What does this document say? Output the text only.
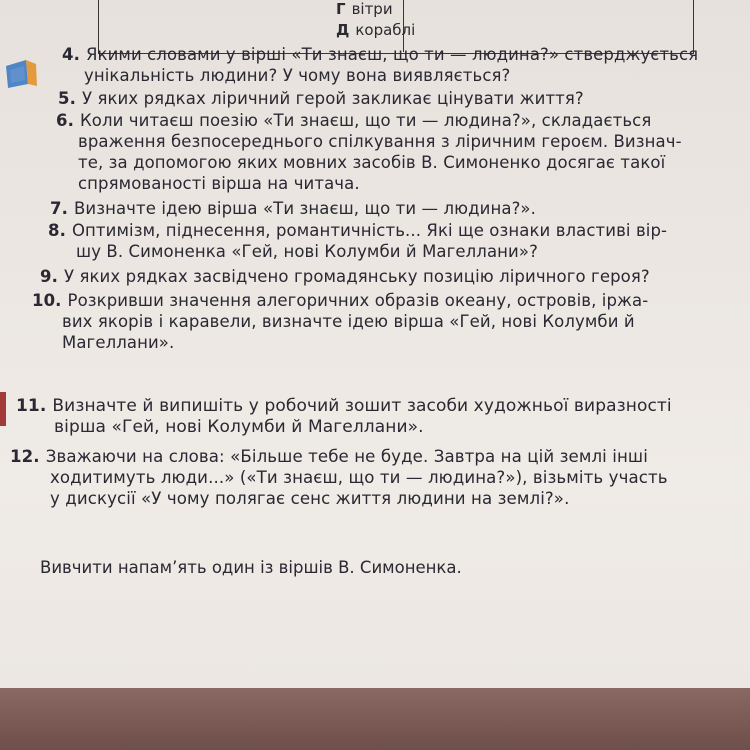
Г вітри
Д кораблі
4. Якими словами у вірші «Ти знаєш, що ти — людина?» стверджується
унікальність людини? У чому вона виявляється?
5. У яких рядках ліричний герой закликає цінувати життя?
6. Коли читаєш поезію «Ти знаєш, що ти — людина?», складається
враження безпосереднього спілкування з ліричним героєм. Визнач-
те, за допомогою яких мовних засобів В. Симоненко досягає такої
спрямованості вірша на читача.
7. Визначте ідею вірша «Ти знаєш, що ти — людина?».
8. Оптимізм, піднесення, романтичність... Які ще ознаки властиві вір-
шу В. Симоненка «Гей, нові Колумби й Магеллани»?
9. У яких рядках засвідчено громадянську позицію ліричного героя?
10. Розкривши значення алегоричних образів океану, островів, іржа-
вих якорів і каравели, визначте ідею вірша «Гей, нові Колумби й
Магеллани».
11. Визначте й випишіть у робочий зошит засоби художньої виразності
вірша «Гей, нові Колумби й Магеллани».
12. Зважаючи на слова: «Більше тебе не буде. Завтра на цій землі інші
ходитимуть люди...» («Ти знаєш, що ти — людина?»), візьміть участь
у дискусії «У чому полягає сенс життя людини на землі?».
Вивчити напам’ять один із віршів В. Симоненка.
